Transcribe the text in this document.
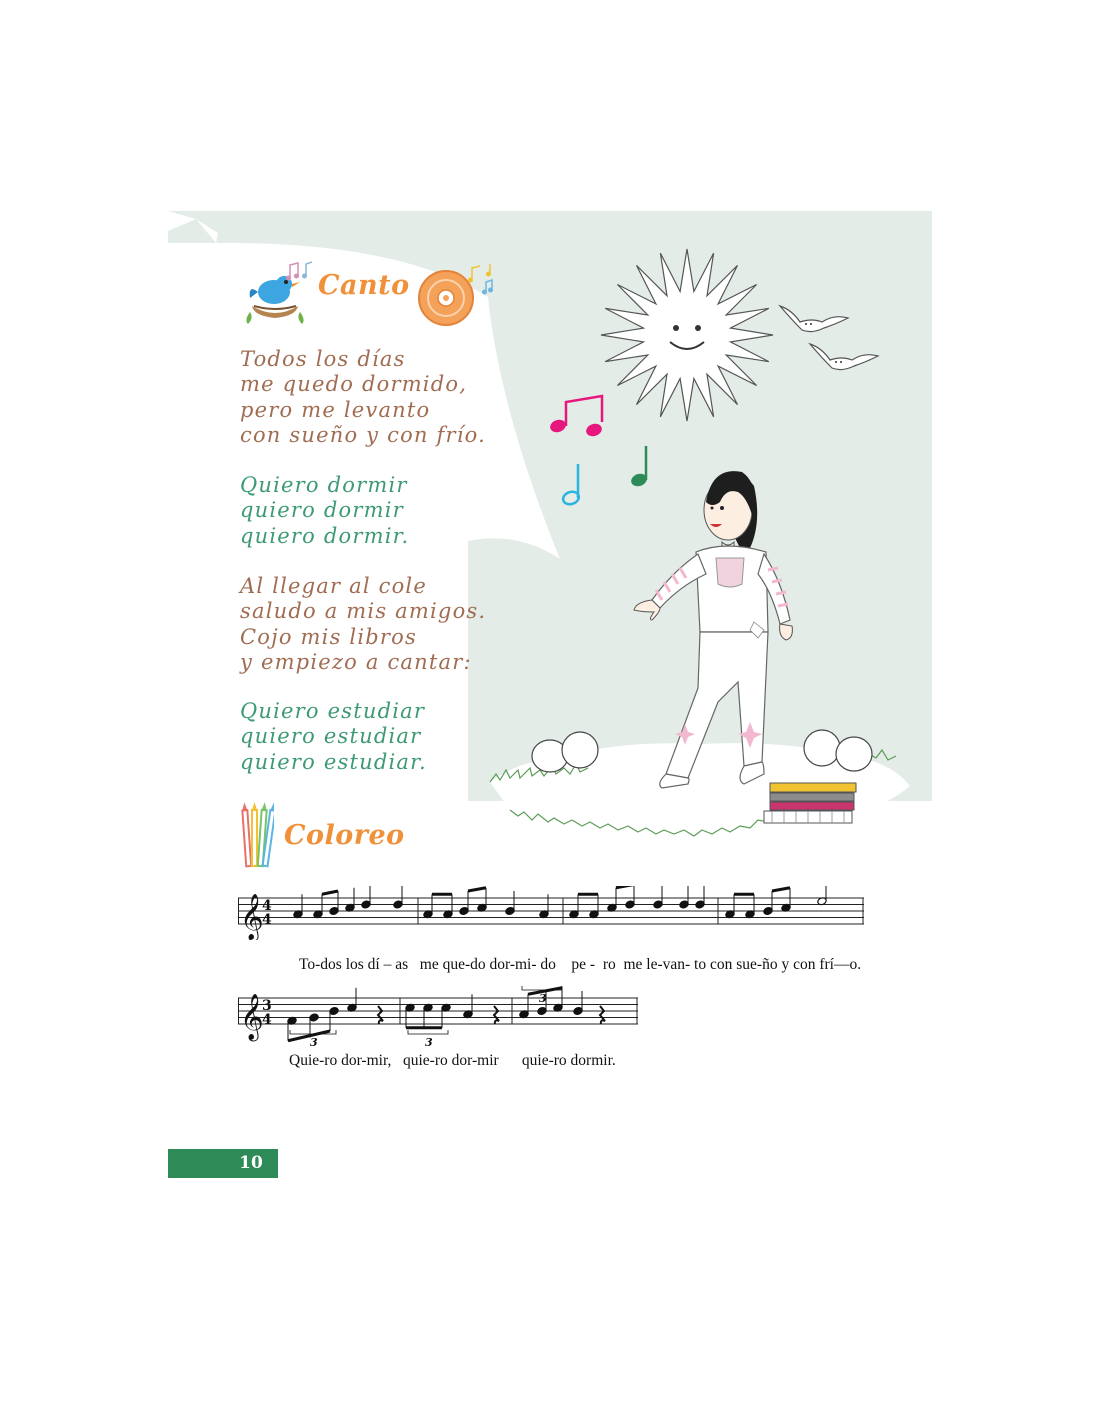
Canto
Todos los días
me quedo dormido,
pero me levanto
con sueño y con frío.
Quiero dormir
quiero dormir
quiero dormir.
Al llegar al cole
saludo a mis amigos.
Cojo mis libros
y empiezo a cantar:
Quiero estudiar
quiero estudiar
quiero estudiar.
Coloreo
𝄞
4
4
To-dos los dí – as   me que-do dor-mi- do    pe -  ro  me le-van- to con sue-ño y con frí—o.
𝄞
3
4
3	3
3
Quie-ro dor-mir,   quie-ro dor-mir      quie-ro dormir.
10
